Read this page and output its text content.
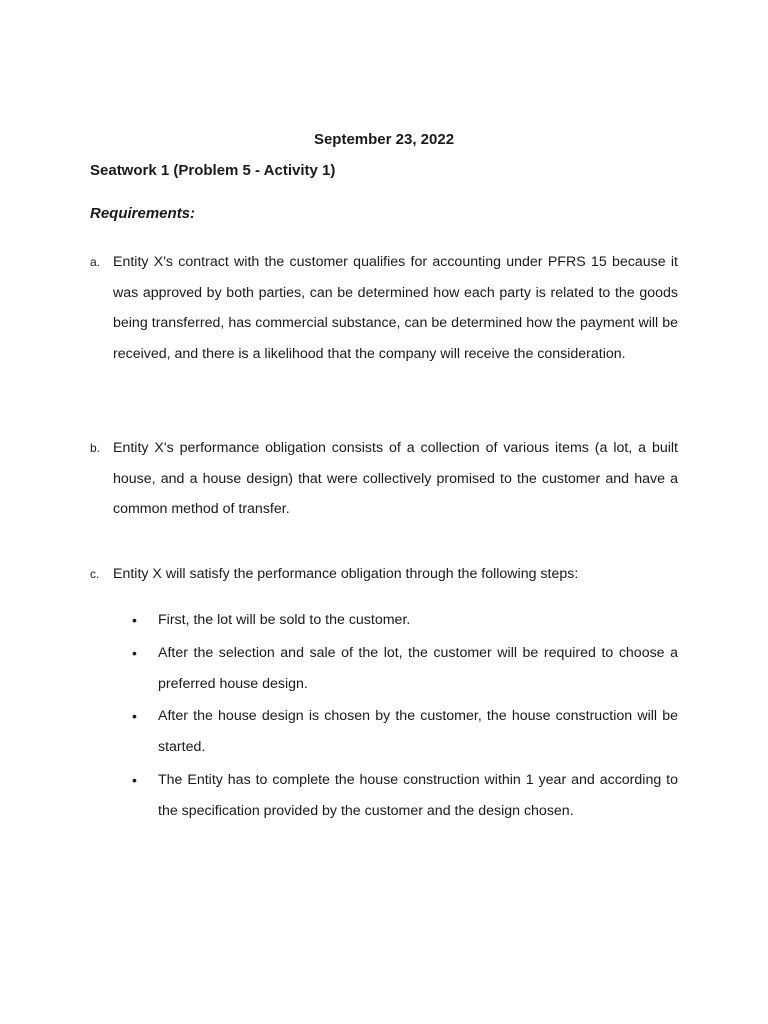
September 23, 2022
Seatwork 1 (Problem 5 - Activity 1)
Requirements:
a. Entity X's contract with the customer qualifies for accounting under PFRS 15 because it was approved by both parties, can be determined how each party is related to the goods being transferred, has commercial substance, can be determined how the payment will be received, and there is a likelihood that the company will receive the consideration.
b. Entity X's performance obligation consists of a collection of various items (a lot, a built house, and a house design) that were collectively promised to the customer and have a common method of transfer.
c. Entity X will satisfy the performance obligation through the following steps:
• First, the lot will be sold to the customer.
• After the selection and sale of the lot, the customer will be required to choose a preferred house design.
• After the house design is chosen by the customer, the house construction will be started.
• The Entity has to complete the house construction within 1 year and according to the specification provided by the customer and the design chosen.
